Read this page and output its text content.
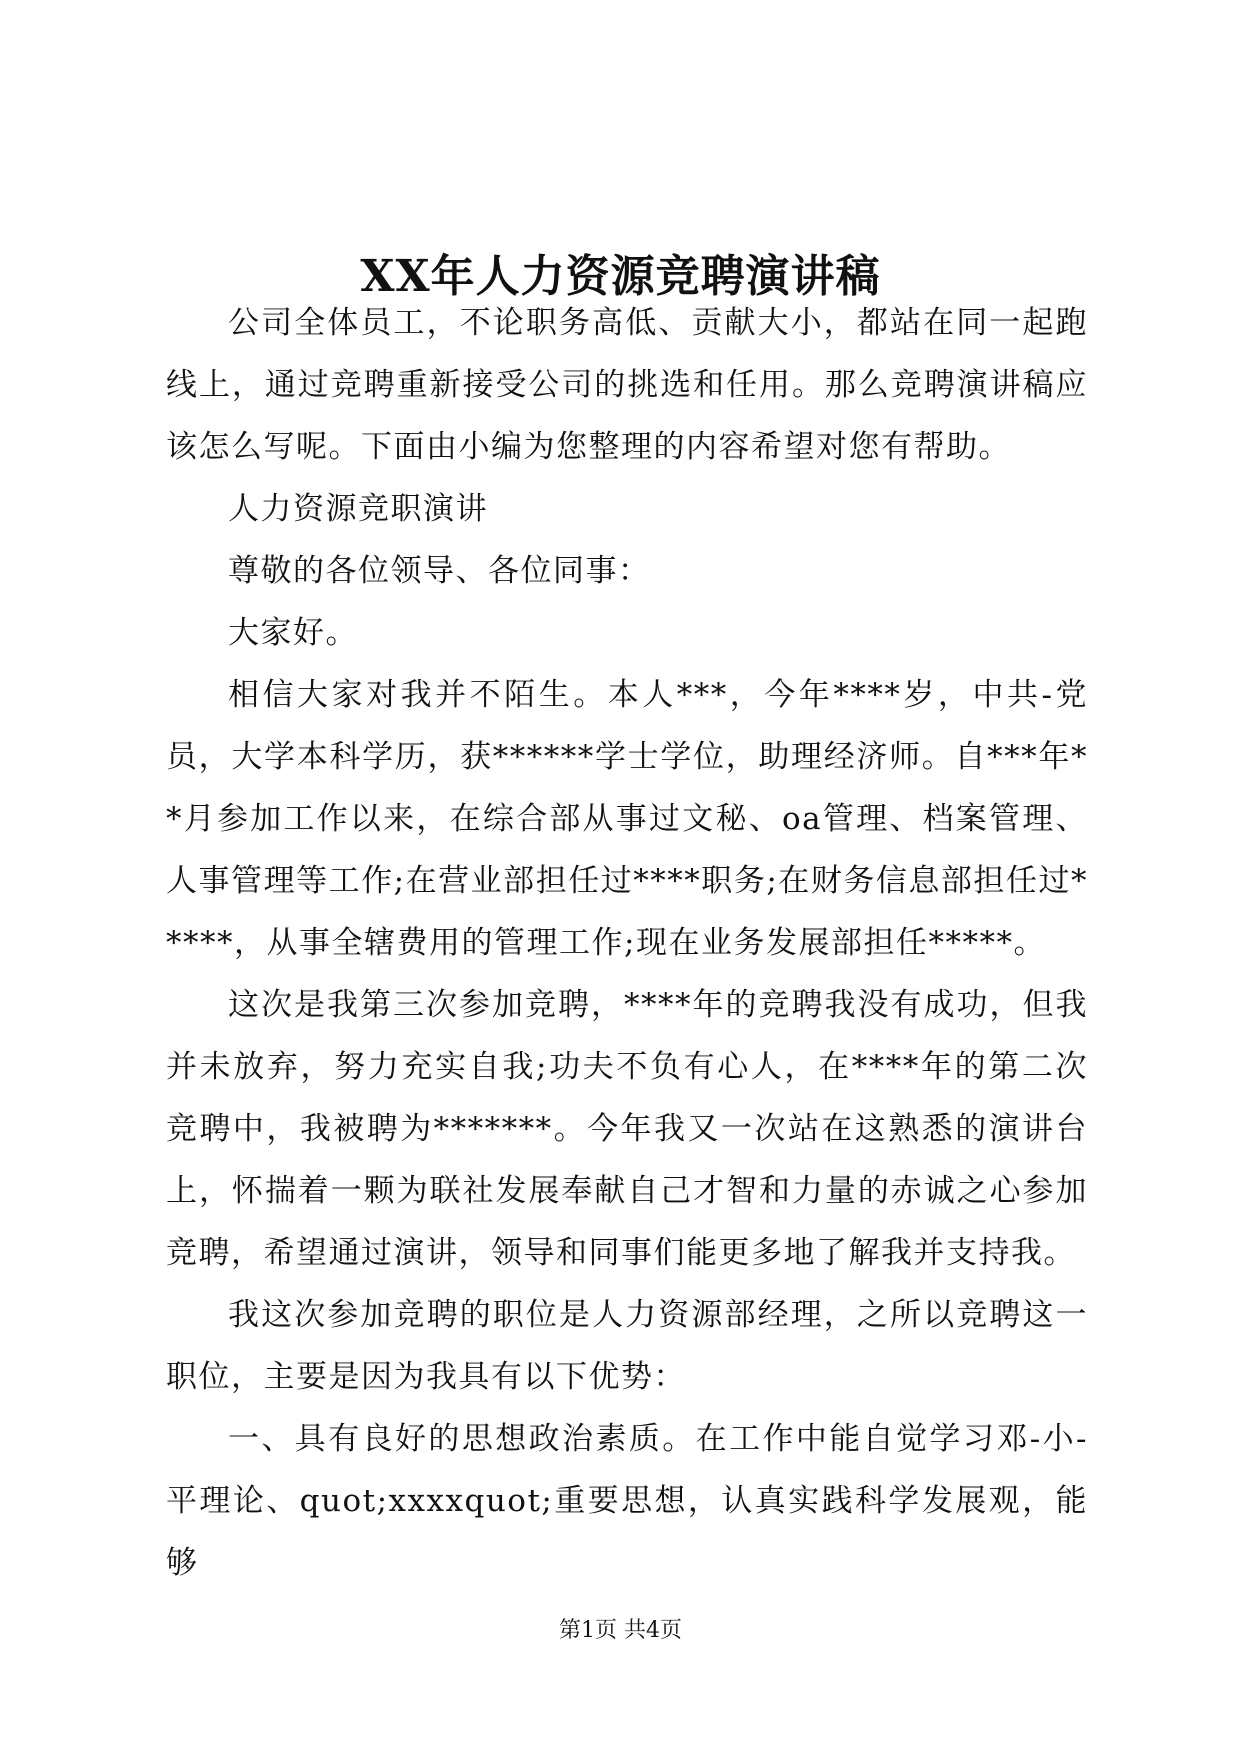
XX年人力资源竞聘演讲稿

公司全体员工，不论职务高低、贡献大小，都站在同一起跑线上，通过竞聘重新接受公司的挑选和任用。那么竞聘演讲稿应该怎么写呢。下面由小编为您整理的内容希望对您有帮助。

人力资源竞职演讲

尊敬的各位领导、各位同事：

大家好。

相信大家对我并不陌生。本人***，今年****岁，中共-党员，大学本科学历，获******学士学位，助理经济师。自***年**月参加工作以来，在综合部从事过文秘、oa管理、档案管理、人事管理等工作;在营业部担任过****职务;在财务信息部担任过*****，从事全辖费用的管理工作;现在业务发展部担任*****。

这次是我第三次参加竞聘，****年的竞聘我没有成功，但我并未放弃，努力充实自我;功夫不负有心人，在****年的第二次竞聘中，我被聘为*******。今年我又一次站在这熟悉的演讲台上，怀揣着一颗为联社发展奉献自己才智和力量的赤诚之心参加竞聘，希望通过演讲，领导和同事们能更多地了解我并支持我。

我这次参加竞聘的职位是人力资源部经理，之所以竞聘这一职位，主要是因为我具有以下优势：

一、具有良好的思想政治素质。在工作中能自觉学习邓-小-平理论、quot;xxxxquot;重要思想，认真实践科学发展观，能够

第1页 共4页
